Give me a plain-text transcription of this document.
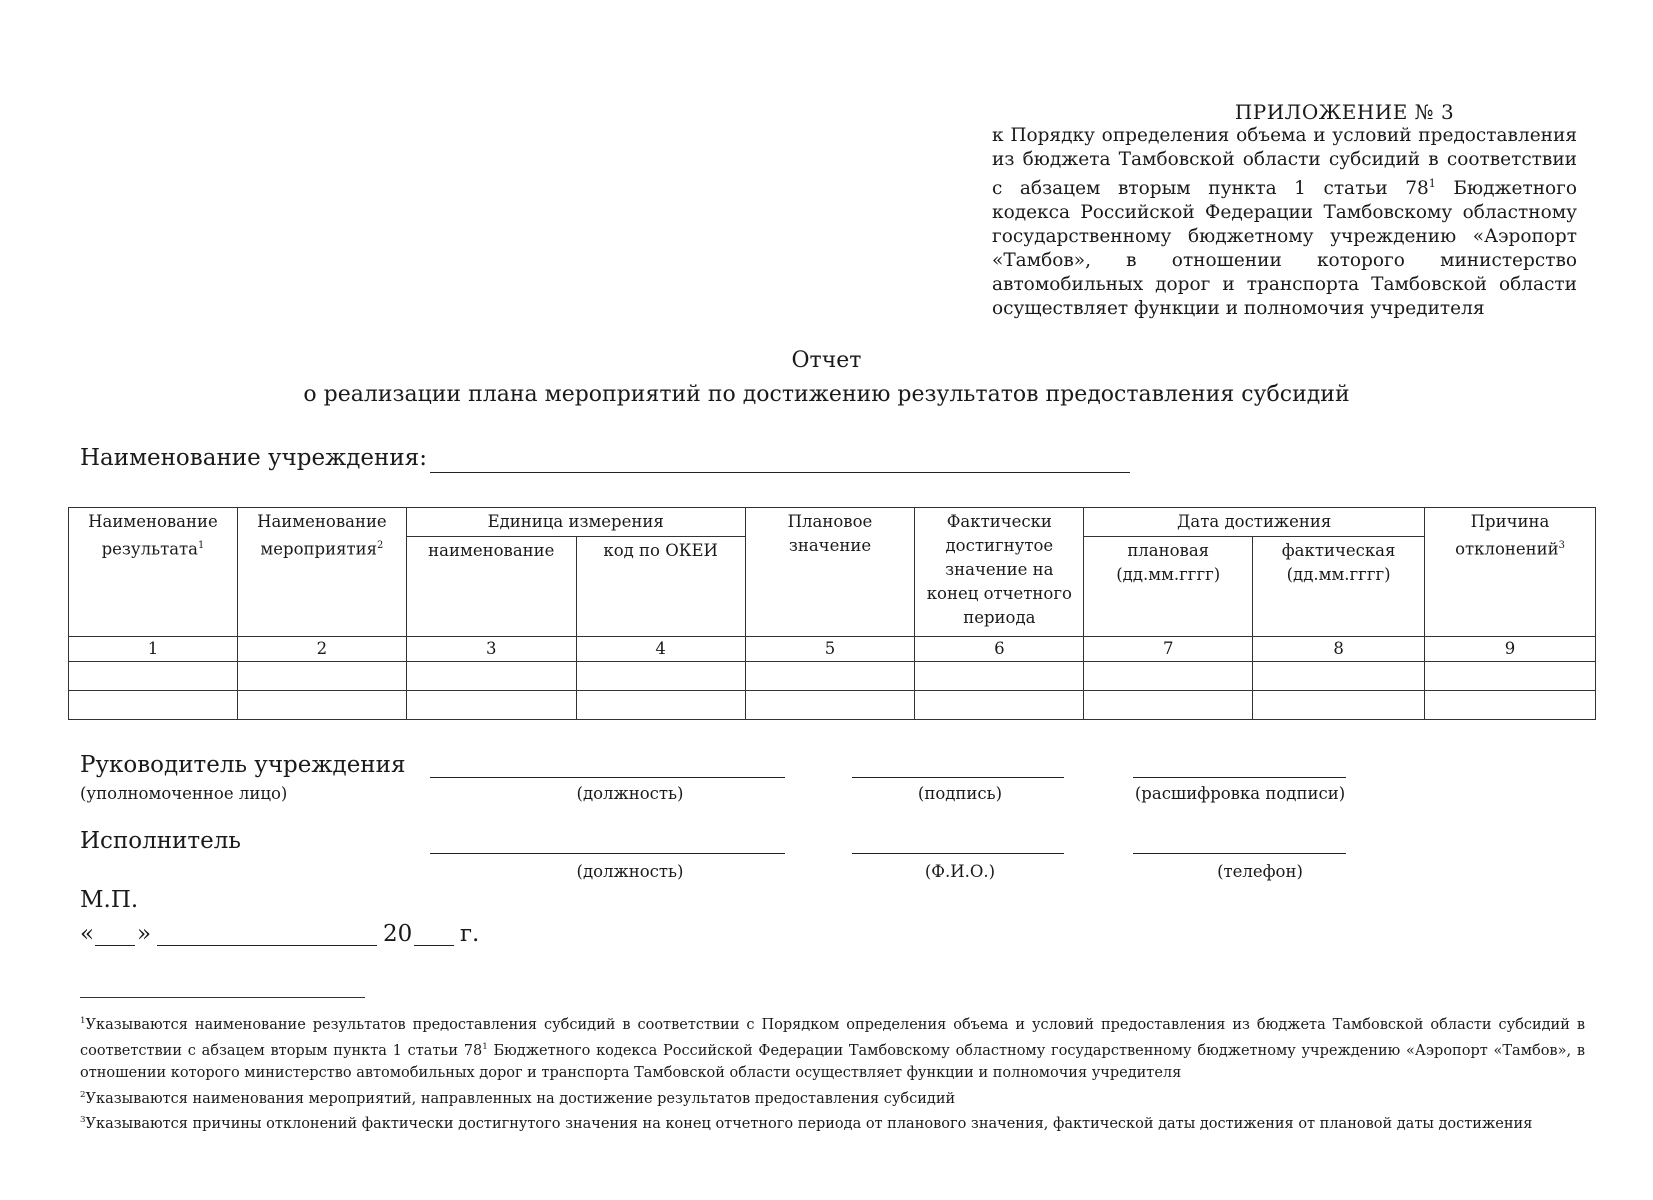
ПРИЛОЖЕНИЕ № 3
к Порядку определения объема и условий предоставления из бюджета Тамбовской области субсидий в соответствии с абзацем вторым пункта 1 статьи $78^1$ Бюджетного кодекса Российской Федерации Тамбовскому областному государственному бюджетному учреждению «Аэропорт «Тамбов», в отношении которого министерство автомобильных дорог и транспорта Тамбовской области осуществляет функции и полномочия учредителя
Отчет
о реализации плана мероприятий по достижению результатов предоставления субсидий
Наименование учреждения:
Наименование результата$^1$	Наименование мероприятия$^2$	Единица измерения		Плановое значение	Фактически достигнутое значение на конец отчетного периода	Дата достижения		Причина отклонений$^3$
		наименование	код по ОКЕИ			плановая (дд.мм.гггг)	фактическая (дд.мм.гггг)	
1	2	3	4	5	6	7	8	9

Руководитель учреждения
(уполномоченное лицо)	(должность)	(подпись)	(расшифровка подписи)
Исполнитель
(должность)	(Ф.И.О.)	(телефон)
М.П.
« »	20 г.

$^1$Указываются наименование результатов предоставления субсидий в соответствии с Порядком определения объема и условий предоставления из бюджета Тамбовской области субсидий в соответствии с абзацем вторым пункта 1 статьи $78^1$ Бюджетного кодекса Российской Федерации Тамбовскому областному государственному бюджетному учреждению «Аэропорт «Тамбов», в отношении которого министерство автомобильных дорог и транспорта Тамбовской области осуществляет функции и полномочия учредителя

$^2$Указываются наименования мероприятий, направленных на достижение результатов предоставления субсидий

$^3$Указываются причины отклонений фактически достигнутого значения на конец отчетного периода от планового значения, фактической даты достижения от плановой даты достижения
